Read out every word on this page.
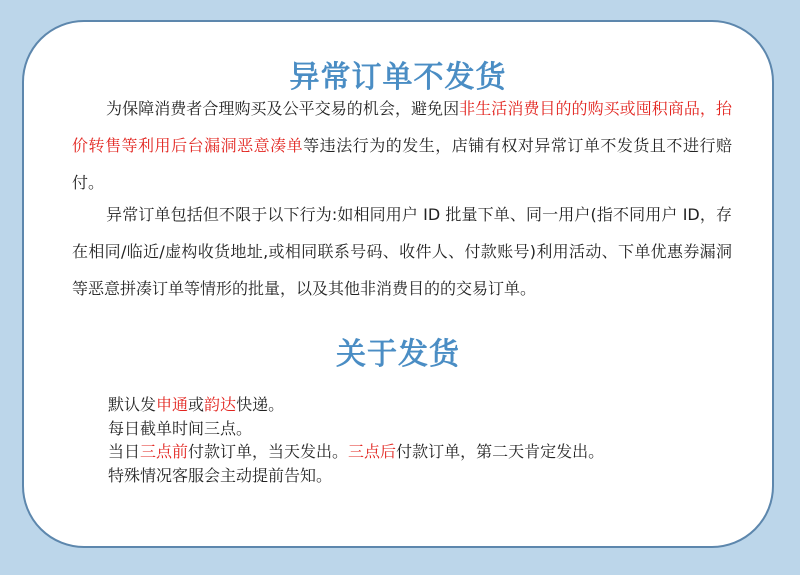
异常订单不发货

为保障消费者合理购买及公平交易的机会，避免因非生活消费目的的购买或囤积商品，抬价转售等利用后台漏洞恶意凑单等违法行为的发生，店铺有权对异常订单不发货且不进行赔付。

异常订单包括但不限于以下行为:如相同用户 ID 批量下单、同一用户(指不同用户 ID，存在相同/临近/虚构收货地址,或相同联系号码、收件人、付款账号)利用活动、下单优惠券漏洞等恶意拼凑订单等情形的批量，以及其他非消费目的的交易订单。

关于发货
默认发申通或韵达快递。
每日截单时间三点。
当日三点前付款订单，当天发出。三点后付款订单，第二天肯定发出。
特殊情况客服会主动提前告知。
